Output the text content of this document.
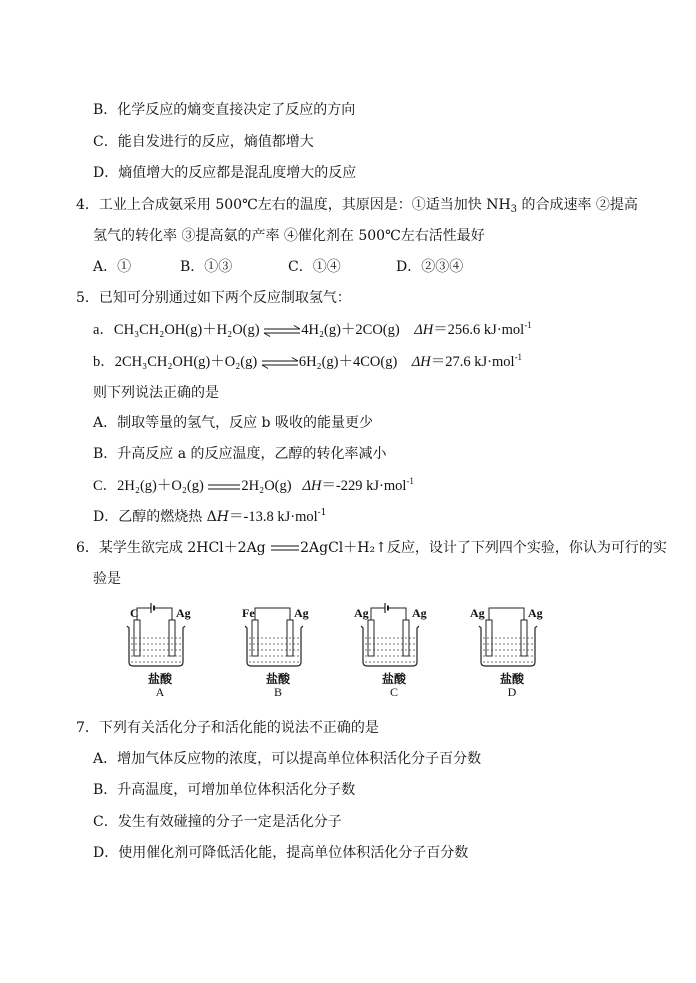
B．化学反应的熵变直接决定了反应的方向
C．能自发进行的反应，熵值都增大
D．熵值增大的反应都是混乱度增大的反应
4．工业上合成氨采用 500℃左右的温度，其原因是：①适当加快 $NH_3$ 的合成速率 ②提高
氢气的转化率 ③提高氨的产率 ④催化剂在 500℃左右活性最好
A．①	B．①③	C．①④	D．②③④
5．已知可分别通过如下两个反应制取氢气：
a．CH₃CH₂OH(g)＋H₂O(g) ⇌4H₂(g)＋2CO(g) ΔH＝256.6 kJ·mol$^{-1}$
b．2CH₃CH₂OH(g)＋O₂(g) ⇌6H₂(g)＋4CO(g) ΔH＝27.6 kJ·mol$^{-1}$
则下列说法正确的是
A．制取等量的氢气，反应 b 吸收的能量更少
B．升高反应 a 的反应温度，乙醇的转化率减小
C．2H₂(g)＋O₂(g)	2H₂O(g) ΔH＝-229 kJ·mol$^{-1}$
D．乙醇的燃烧热 ΔH＝-13.8 kJ·mol$^{-1}$
6．某学生欲完成 2HCl＋2Ag 2AgCl＋H₂↑反应，设计了下列四个实验，你认为可行的实
验是
C	Ag
盐酸
A
Fe	Ag
盐酸
B
Ag	Ag
盐酸
C
Ag	Ag
盐酸
D
7．下列有关活化分子和活化能的说法不正确的是
A．增加气体反应物的浓度，可以提高单位体积活化分子百分数
B．升高温度，可增加单位体积活化分子数
C．发生有效碰撞的分子一定是活化分子
D．使用催化剂可降低活化能，提高单位体积活化分子百分数
